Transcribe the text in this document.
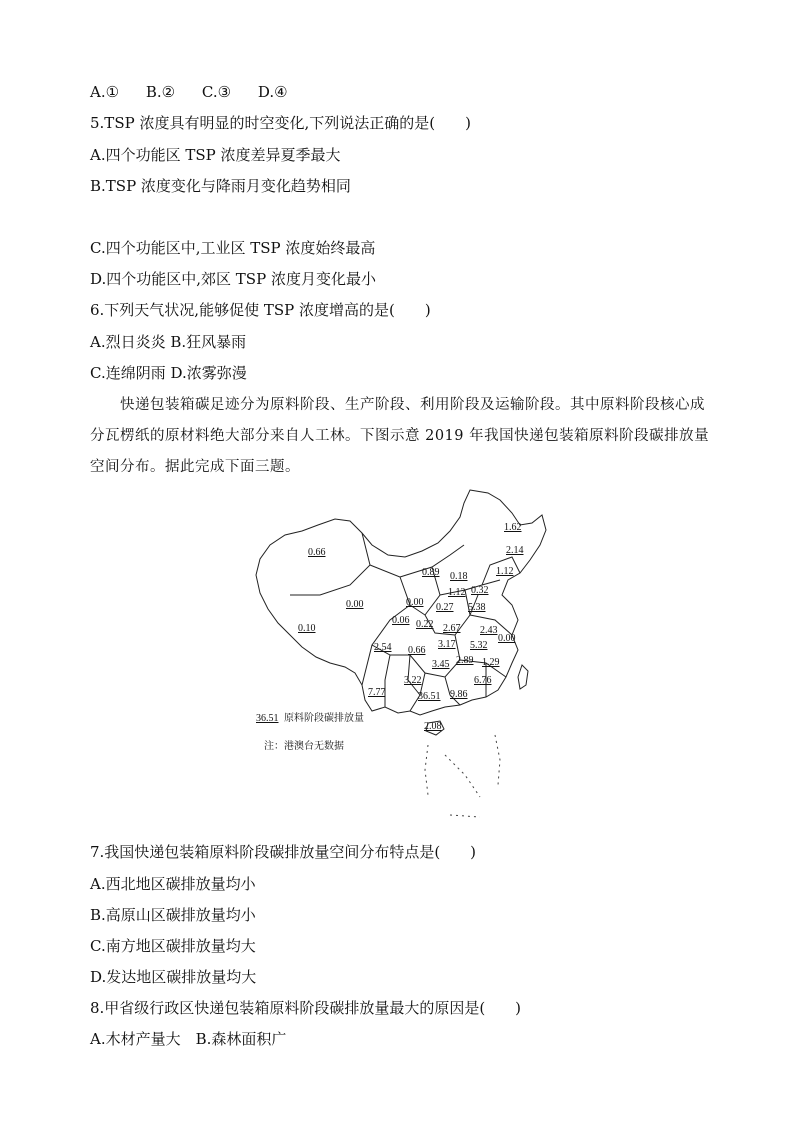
A.① B.② C.③ D.④
5.TSP 浓度具有明显的时空变化,下列说法正确的是(　　)
A.四个功能区 TSP 浓度差异夏季最大
B.TSP 浓度变化与降雨月变化趋势相同
C.四个功能区中,工业区 TSP 浓度始终最高
D.四个功能区中,郊区 TSP 浓度月变化最小
6.下列天气状况,能够促使 TSP 浓度增高的是(　　)
A.烈日炎炎 B.狂风暴雨
C.连绵阴雨 D.浓雾弥漫
快递包装箱碳足迹分为原料阶段、生产阶段、利用阶段及运输阶段。其中原料阶段核心成分瓦楞纸的原材料绝大部分来自人工林。下图示意 2019 年我国快递包装箱原料阶段碳排放量空间分布。据此完成下面三题。
0.66
0.10
0.00
1.62
2.14
1.12
0.89 0.18
0.32
1.12
0.00 0.27 5.38
0.06 0.22 2.67 2.43
0.00
3.17 5.32
2.54 0.66
3.45	1.29
2.89
3.22	6.76
7.77	36.51 9.86
2.08
36.51 原料阶段碳排放量
注：港澳台无数据
7.我国快递包装箱原料阶段碳排放量空间分布特点是(　　)
A.西北地区碳排放量均小
B.高原山区碳排放量均小
C.南方地区碳排放量均大
D.发达地区碳排放量均大
8.甲省级行政区快递包装箱原料阶段碳排放量最大的原因是(　　)
A.木材产量大　B.森林面积广
